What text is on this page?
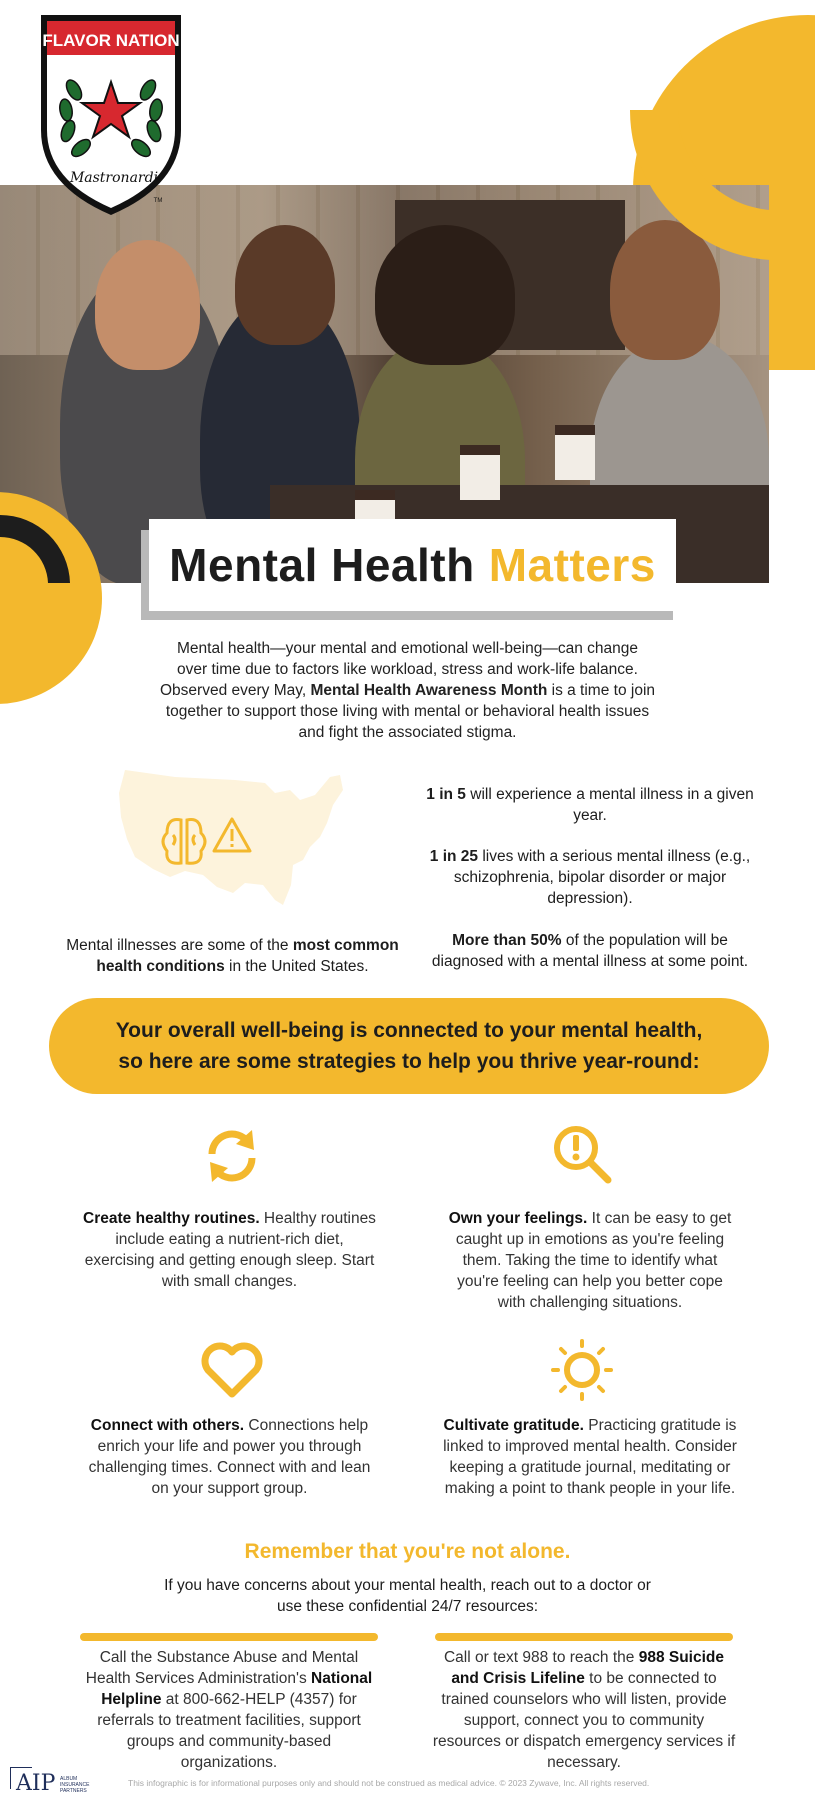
FLAVOR NATION
Mastronardi
TM
Mental Health Matters

Mental health—your mental and emotional well-being—can change over time due to factors like workload, stress and work-life balance. Observed every May, Mental Health Awareness Month is a time to join together to support those living with mental or behavioral health issues and fight the associated stigma.

Mental illnesses are some of the most common health conditions in the United States.

1 in 5 will experience a mental illness in a given year.

1 in 25 lives with a serious mental illness (e.g., schizophrenia, bipolar disorder or major depression).

More than 50% of the population will be diagnosed with a mental illness at some point.

Your overall well-being is connected to your mental health,
so here are some strategies to help you thrive year-round:

Create healthy routines. Healthy routines include eating a nutrient-rich diet, exercising and getting enough sleep. Start with small changes.

Own your feelings. It can be easy to get caught up in emotions as you're feeling them. Taking the time to identify what you're feeling can help you better cope with challenging situations.

Connect with others. Connections help enrich your life and power you through challenging times. Connect with and lean on your support group.

Cultivate gratitude. Practicing gratitude is linked to improved mental health. Consider keeping a gratitude journal, meditating or making a point to thank people in your life.

Remember that you're not alone.

If you have concerns about your mental health, reach out to a doctor or use these confidential 24/7 resources:

Call the Substance Abuse and Mental Health Services Administration's National Helpline at 800-662-HELP (4357) for referrals to treatment facilities, support groups and community-based organizations.

Call or text 988 to reach the 988 Suicide and Crisis Lifeline to be connected to trained counselors who will listen, provide support, connect you to community resources or dispatch emergency services if necessary.

AIP ALBUM INSURANCE PARTNERS

This infographic is for informational purposes only and should not be construed as medical advice. © 2023 Zywave, Inc. All rights reserved.
